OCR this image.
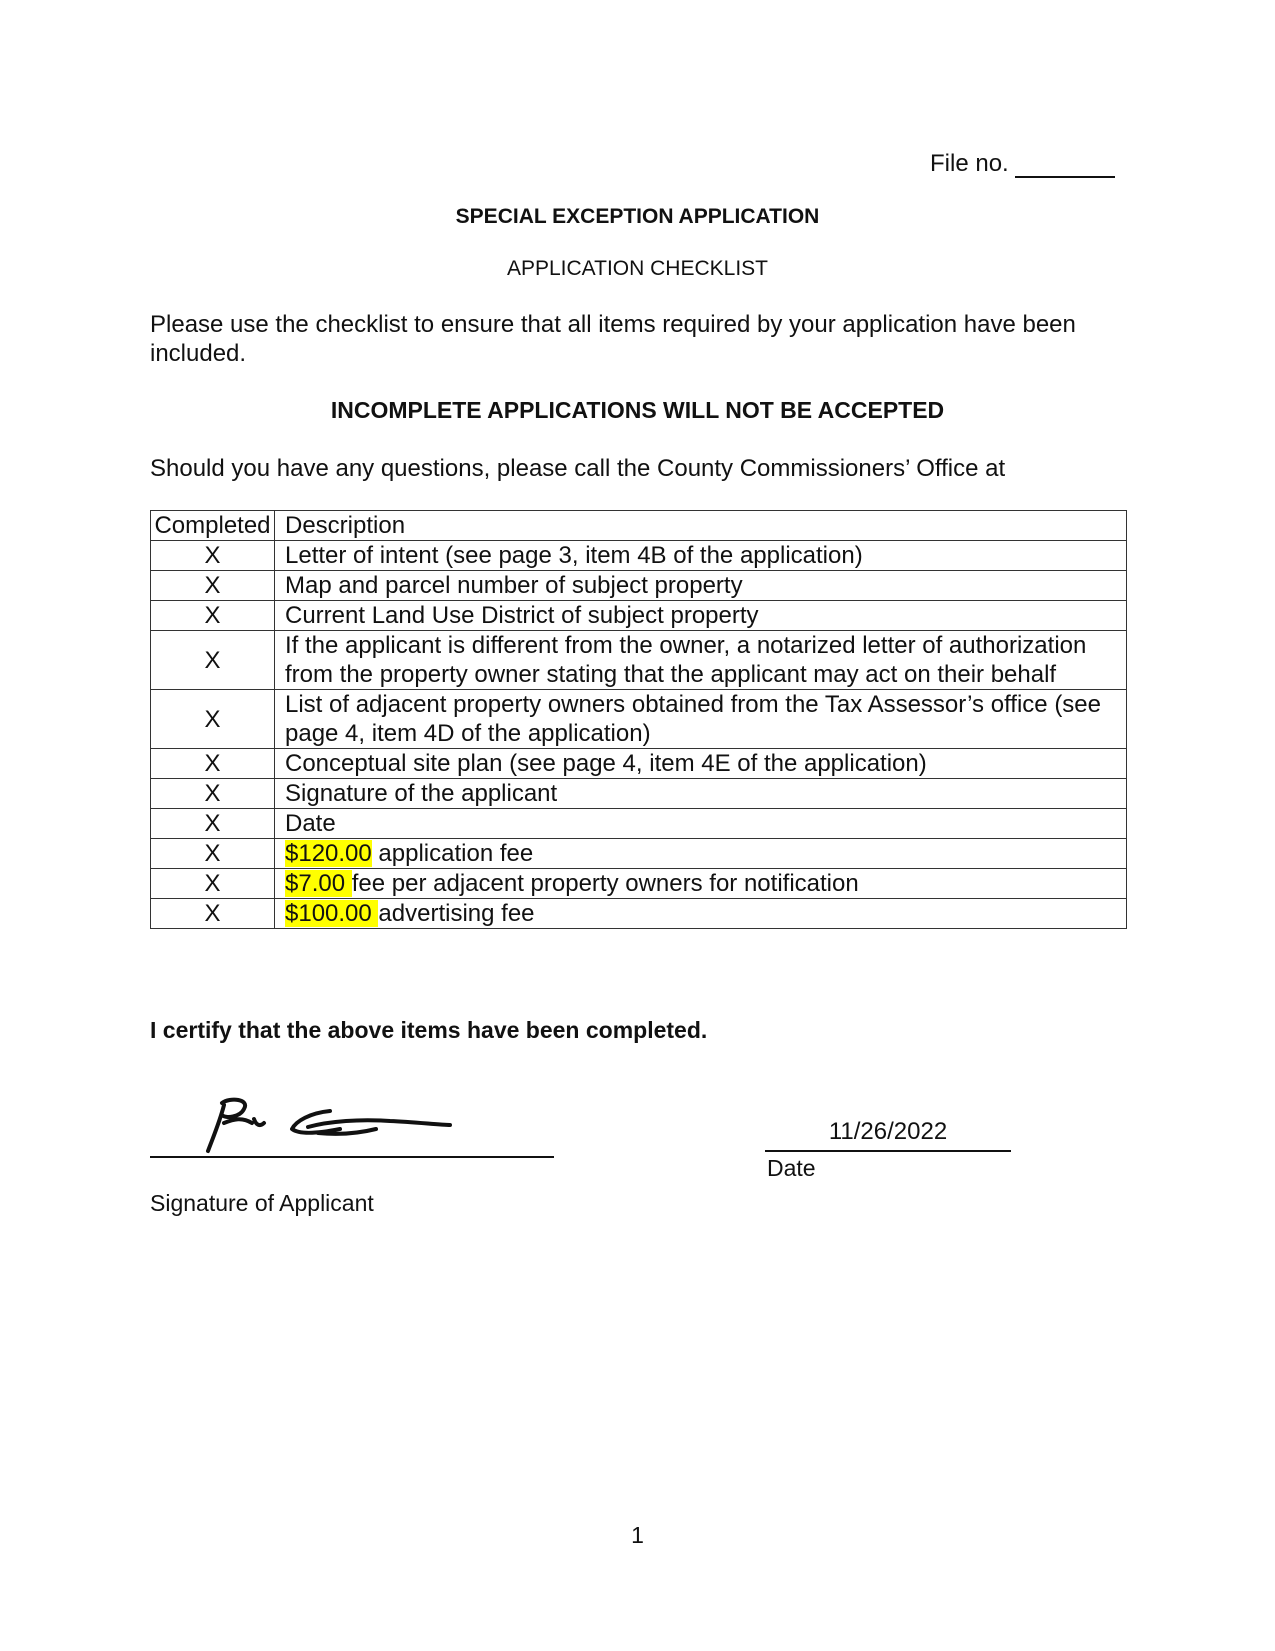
File no.
SPECIAL EXCEPTION APPLICATION
APPLICATION CHECKLIST
Please use the checklist to ensure that all items required by your application have been included.
INCOMPLETE APPLICATIONS WILL NOT BE ACCEPTED
Should you have any questions, please call the County Commissioners’ Office at
Completed	Description
X	Letter of intent (see page 3, item 4B of the application)
X	Map and parcel number of subject property
X	Current Land Use District of subject property
X	If the applicant is different from the owner, a notarized letter of authorization from the property owner stating that the applicant may act on their behalf
X	List of adjacent property owners obtained from the Tax Assessor’s office (see page 4, item 4D of the application)
X	Conceptual site plan (see page 4, item 4E of the application)
X	Signature of the applicant
X	Date
X	$120.00 application fee
X	$7.00 fee per adjacent property owners for notification
X	$100.00 advertising fee
I certify that the above items have been completed.
Signature of Applicant
11/26/2022
Date
1
